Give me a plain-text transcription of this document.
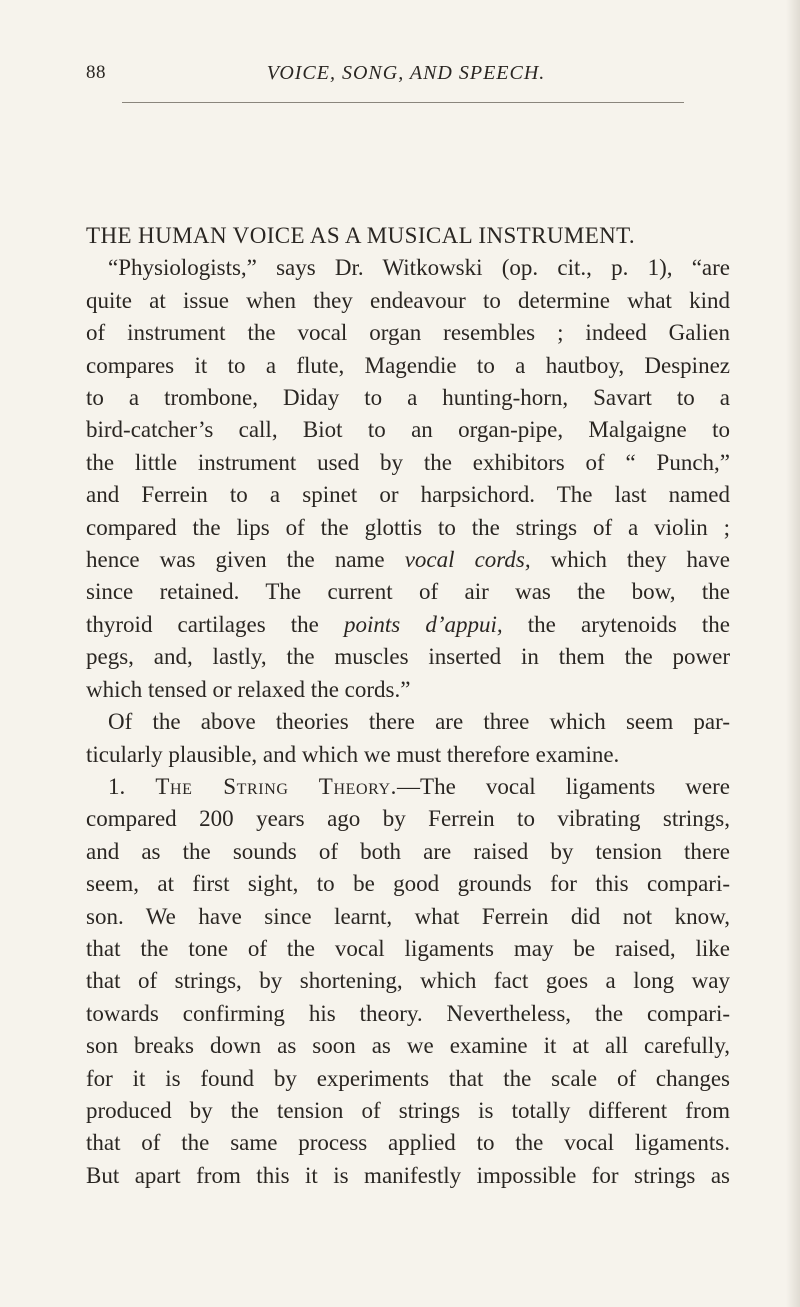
88	VOICE, SONG, AND SPEECH.
THE HUMAN VOICE AS A MUSICAL INSTRUMENT.
“Physiologists,” says Dr. Witkowski (op. cit., p. 1), “are
quite at issue when they endeavour to determine what kind
of instrument the vocal organ resembles ; indeed Galien
compares it to a flute, Magendie to a hautboy, Despinez
to a trombone, Diday to a hunting-horn, Savart to a
bird-catcher’s call, Biot to an organ-pipe, Malgaigne to
the little instrument used by the exhibitors of “ Punch,”
and Ferrein to a spinet or harpsichord. The last named
compared the lips of the glottis to the strings of a violin ;
hence was given the name vocal cords, which they have
since retained. The current of air was the bow, the
thyroid cartilages the points d’appui, the arytenoids the
pegs, and, lastly, the muscles inserted in them the power
which tensed or relaxed the cords.”
Of the above theories there are three which seem par-
ticularly plausible, and which we must therefore examine.
1. The String Theory.—The vocal ligaments were
compared 200 years ago by Ferrein to vibrating strings,
and as the sounds of both are raised by tension there
seem, at first sight, to be good grounds for this compari-
son. We have since learnt, what Ferrein did not know,
that the tone of the vocal ligaments may be raised, like
that of strings, by shortening, which fact goes a long way
towards confirming his theory. Nevertheless, the compari-
son breaks down as soon as we examine it at all carefully,
for it is found by experiments that the scale of changes
produced by the tension of strings is totally different from
that of the same process applied to the vocal ligaments.
But apart from this it is manifestly impossible for strings as
